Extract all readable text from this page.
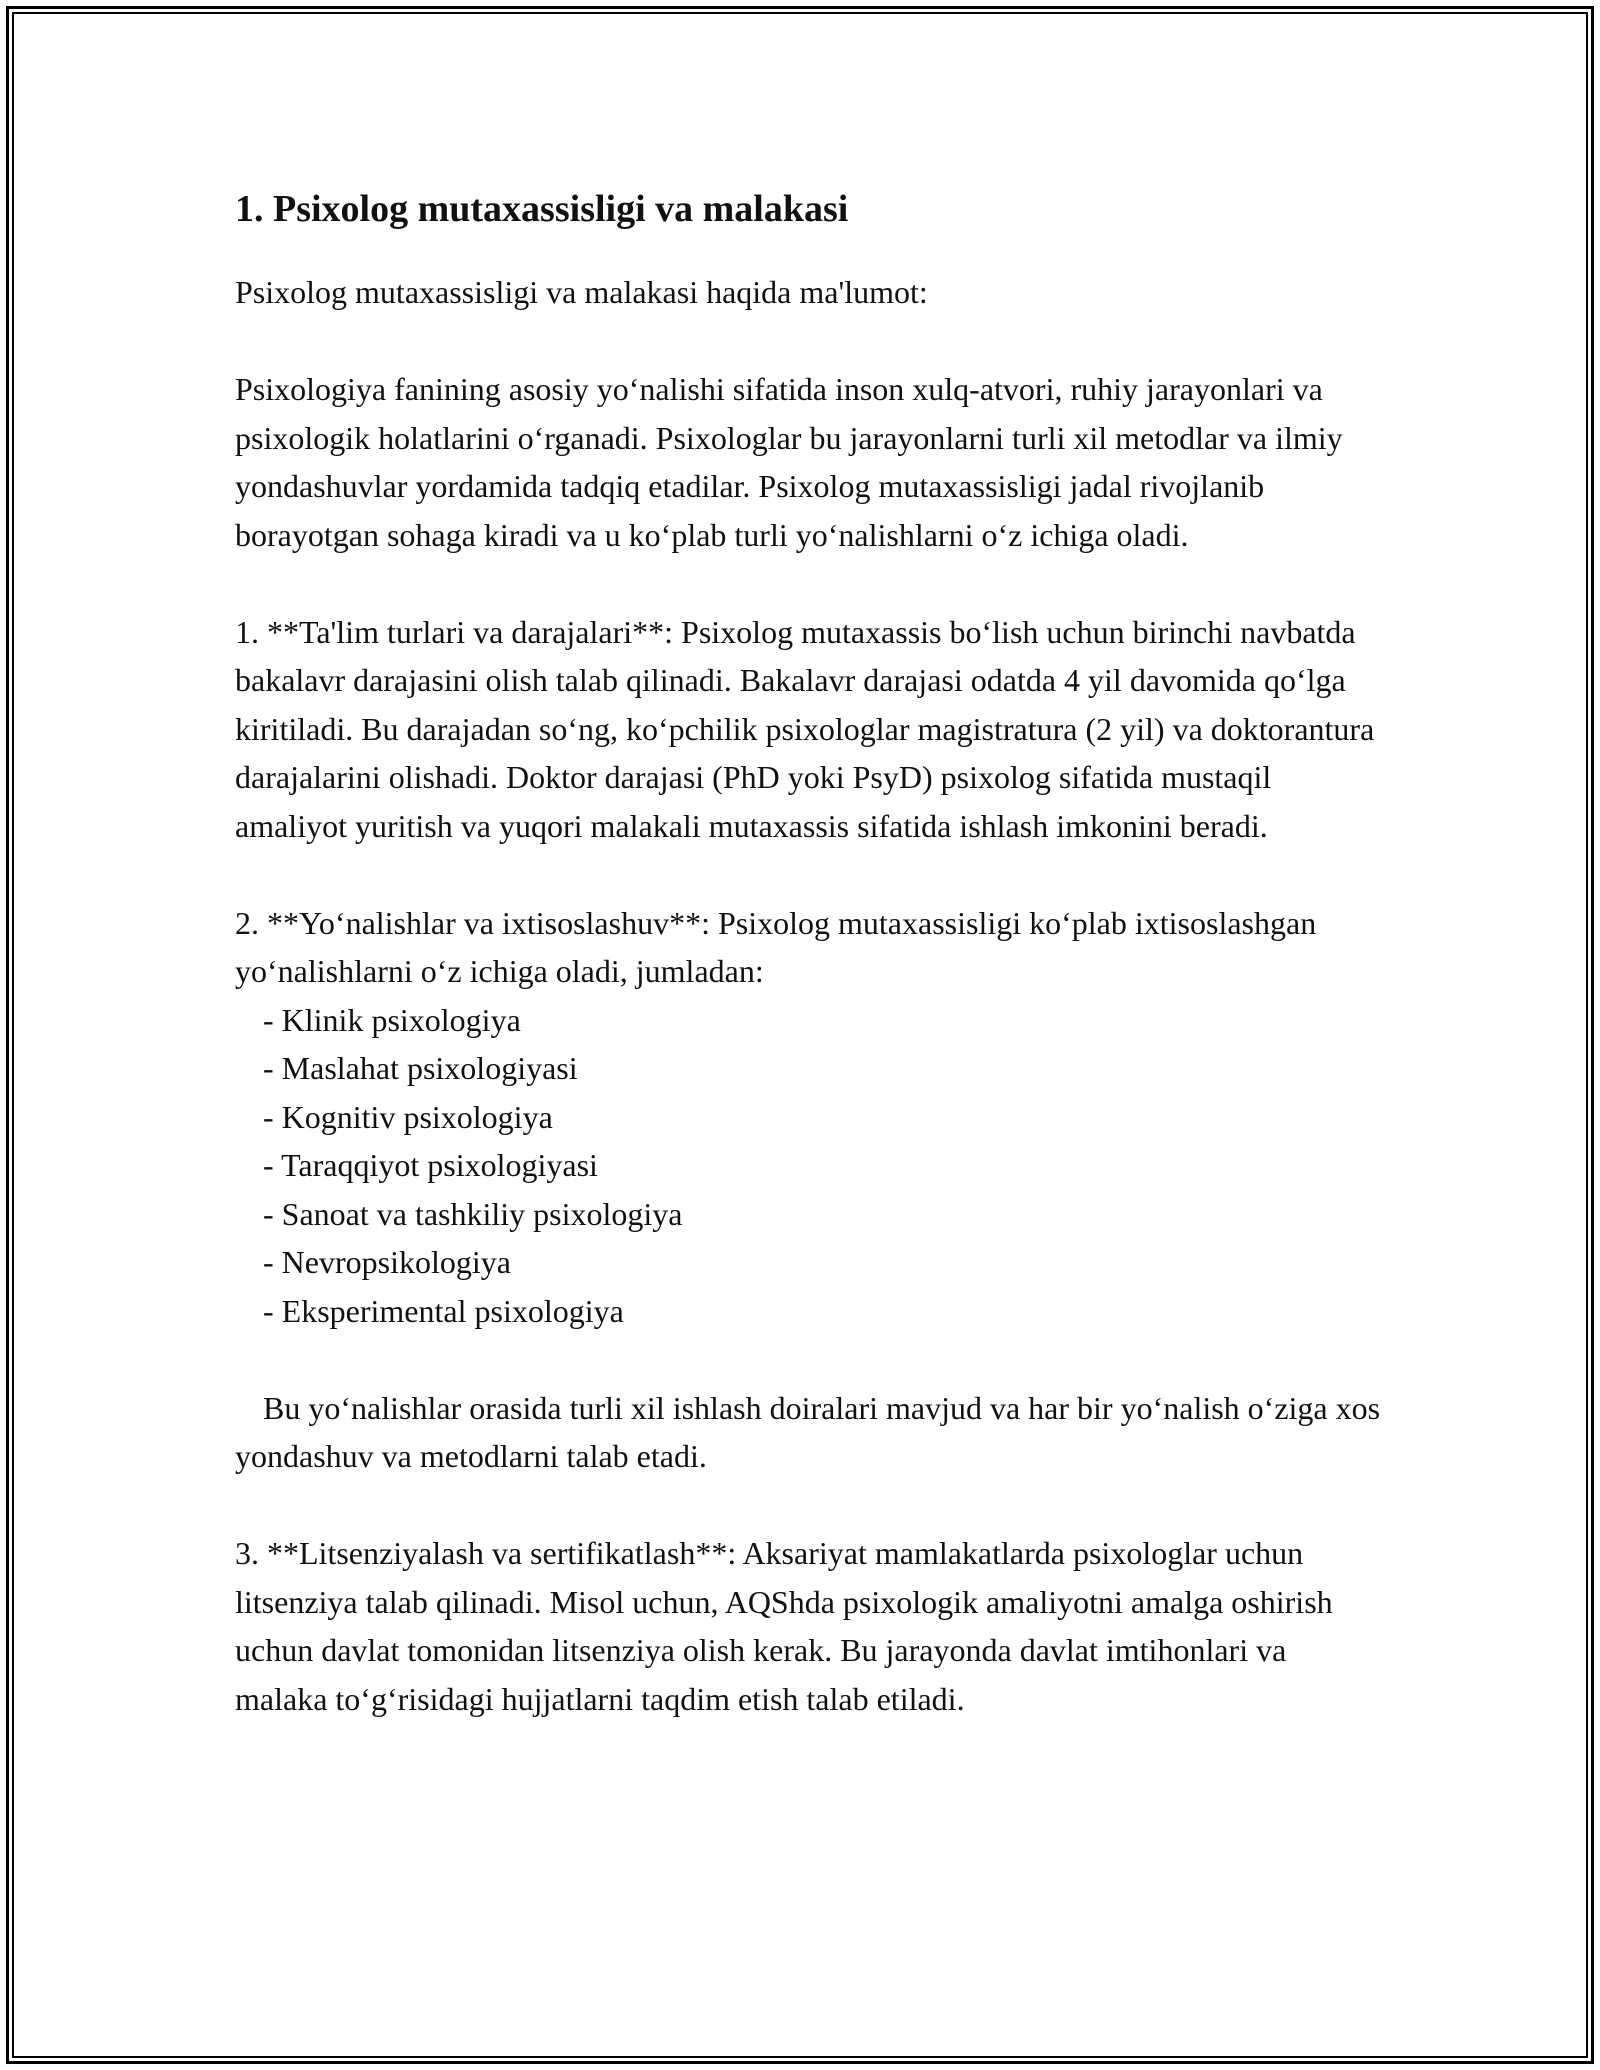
1. Psixolog mutaxassisligi va malakasi

Psixolog mutaxassisligi va malakasi haqida ma'lumot:

Psixologiya fanining asosiy yo‘nalishi sifatida inson xulq-atvori, ruhiy jarayonlari va psixologik holatlarini o‘rganadi. Psixologlar bu jarayonlarni turli xil metodlar va ilmiy yondashuvlar yordamida tadqiq etadilar. Psixolog mutaxassisligi jadal rivojlanib borayotgan sohaga kiradi va u ko‘plab turli yo‘nalishlarni o‘z ichiga oladi.

1. **Ta'lim turlari va darajalari**: Psixolog mutaxassis bo‘lish uchun birinchi navbatda bakalavr darajasini olish talab qilinadi. Bakalavr darajasi odatda 4 yil davomida qo‘lga kiritiladi. Bu darajadan so‘ng, ko‘pchilik psixologlar magistratura (2 yil) va doktorantura darajalarini olishadi. Doktor darajasi (PhD yoki PsyD) psixolog sifatida mustaqil amaliyot yuritish va yuqori malakali mutaxassis sifatida ishlash imkonini beradi.

2. **Yo‘nalishlar va ixtisoslashuv**: Psixolog mutaxassisligi ko‘plab ixtisoslashgan yo‘nalishlarni o‘z ichiga oladi, jumladan:

- Klinik psixologiya

- Maslahat psixologiyasi

- Kognitiv psixologiya

- Taraqqiyot psixologiyasi

- Sanoat va tashkiliy psixologiya

- Nevropsikologiya

- Eksperimental psixologiya

Bu yo‘nalishlar orasida turli xil ishlash doiralari mavjud va har bir yo‘nalish o‘ziga xos yondashuv va metodlarni talab etadi.

3. **Litsenziyalash va sertifikatlash**: Aksariyat mamlakatlarda psixologlar uchun litsenziya talab qilinadi. Misol uchun, AQShda psixologik amaliyotni amalga oshirish uchun davlat tomonidan litsenziya olish kerak. Bu jarayonda davlat imtihonlari va malaka to‘g‘risidagi hujjatlarni taqdim etish talab etiladi.
